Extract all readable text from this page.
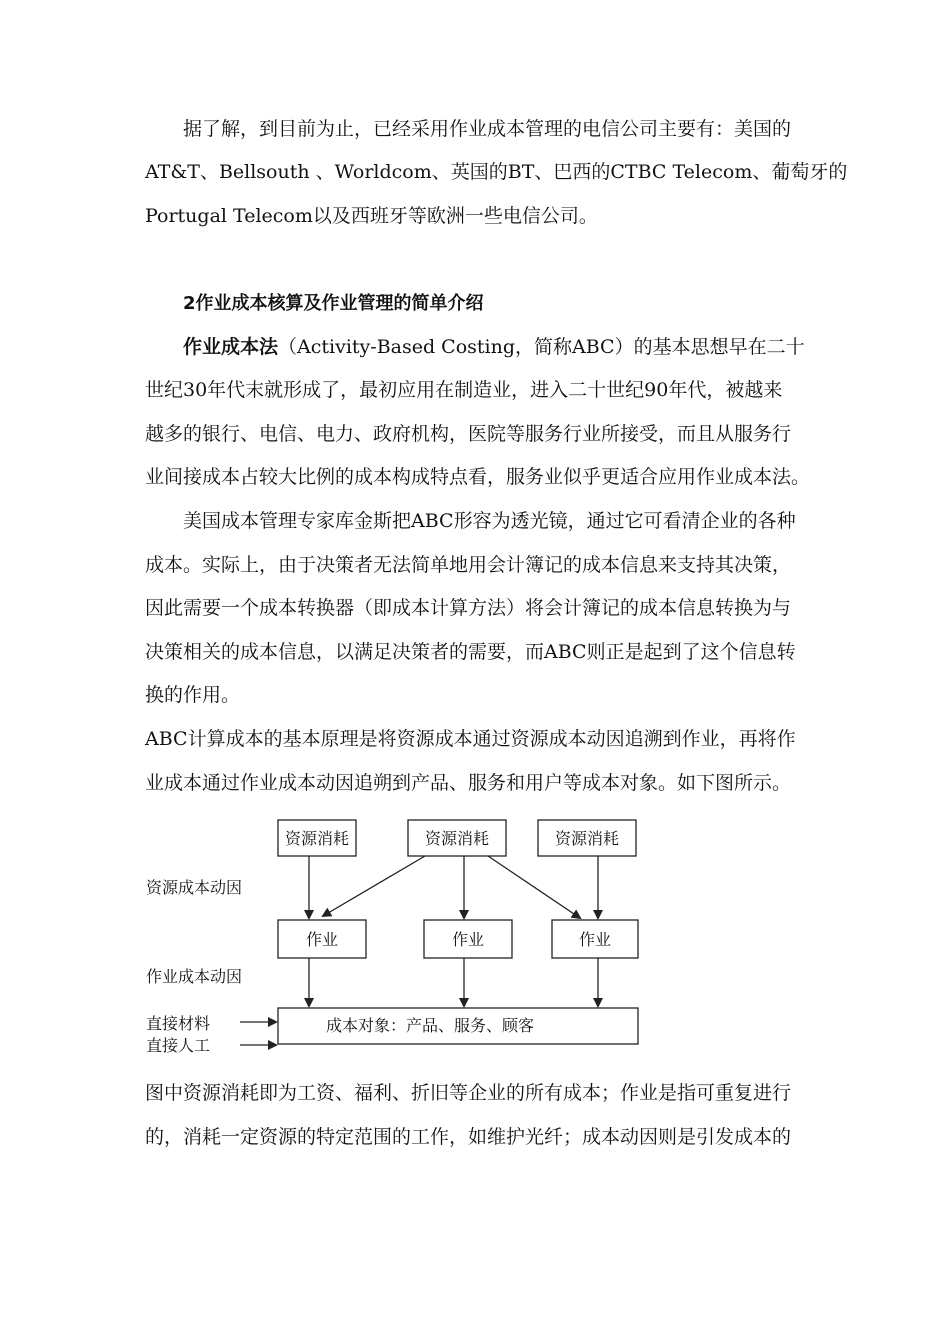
据了解，到目前为止，已经采用作业成本管理的电信公司主要有：美国的
AT&T、Bellsouth 、Worldcom、英国的BT、巴西的CTBC Telecom、葡萄牙的
Portugal Telecom以及西班牙等欧洲一些电信公司。
2作业成本核算及作业管理的简单介绍
作业成本法（Activity-Based Costing，简称ABC）的基本思想早在二十
世纪30年代末就形成了，最初应用在制造业，进入二十世纪90年代，被越来
越多的银行、电信、电力、政府机构，医院等服务行业所接受，而且从服务行
业间接成本占较大比例的成本构成特点看，服务业似乎更适合应用作业成本法。
美国成本管理专家库金斯把ABC形容为透光镜，通过它可看清企业的各种
成本。实际上，由于决策者无法简单地用会计簿记的成本信息来支持其决策，
因此需要一个成本转换器（即成本计算方法）将会计簿记的成本信息转换为与
决策相关的成本信息，以满足决策者的需要，而ABC则正是起到了这个信息转
换的作用。
ABC计算成本的基本原理是将资源成本通过资源成本动因追溯到作业，再将作
业成本通过作业成本动因追朔到产品、服务和用户等成本对象。如下图所示。
资源消耗	资源消耗	资源消耗
资源成本动因
作业	作业	作业
作业成本动因
成本对象：产品、服务、顾客
直接材料
直接人工
图中资源消耗即为工资、福利、折旧等企业的所有成本；作业是指可重复进行
的，消耗一定资源的特定范围的工作，如维护光纤；成本动因则是引发成本的
